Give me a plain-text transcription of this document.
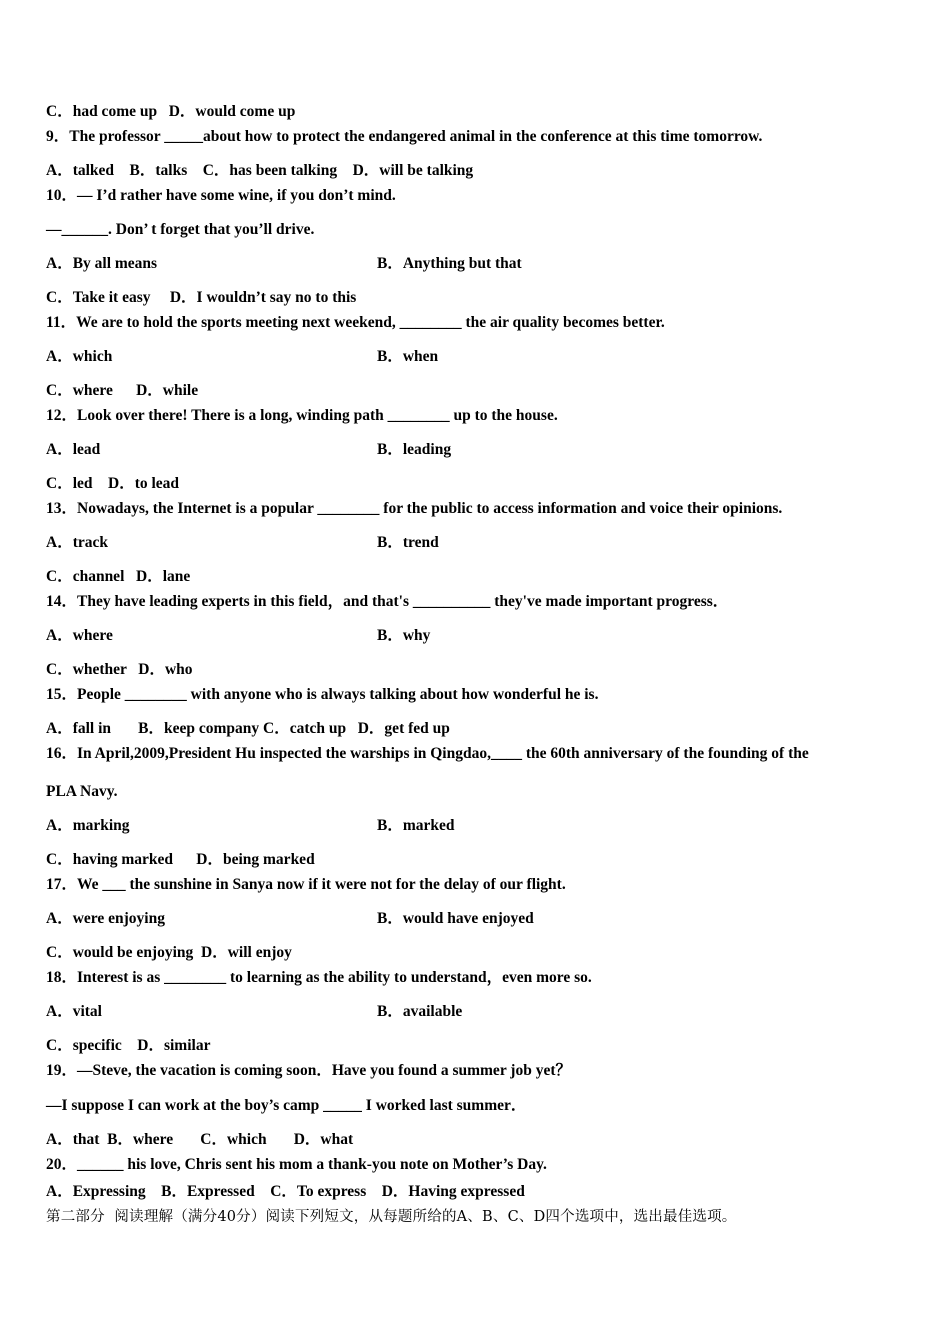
C．had come up   D．would come up
9．The professor _____about how to protect the endangered animal in the conference at this time tomorrow.
A．talked    B．talks    C．has been talking    D．will be talking
10．— I’d rather have some wine, if you don’t mind.
—______. Don’ t forget that you’ll drive.
A．By all means	B．Anything but that
C．Take it easy     D．I wouldn’t say no to this
11．We are to hold the sports meeting next weekend, ________ the air quality becomes better.
A．which	B．when
C．where      D．while
12．Look over there! There is a long, winding path ________ up to the house.
A．lead	B．leading
C．led    D．to lead
13．Nowadays, the Internet is a popular ________ for the public to access information and voice their opinions.
A．track	B．trend
C．channel   D．lane
14．They have leading experts in this field，and that's __________ they've made important progress．
A．where	B．why
C．whether   D．who
15．People ________ with anyone who is always talking about how wonderful he is.
A．fall in       B．keep company C．catch up   D．get fed up
16．In April,2009,President Hu inspected the warships in Qingdao,____ the 60th anniversary of the founding of the
PLA Navy.
A．marking	B．marked
C．having marked      D．being marked
17．We ___ the sunshine in Sanya now if it were not for the delay of our flight.
A．were enjoying	B．would have enjoyed
C．would be enjoying  D．will enjoy
18．Interest is as ________ to learning as the ability to understand，even more so.
A．vital	B．available
C．specific    D．similar
19．—Steve, the vacation is coming soon．Have you found a summer job yet？
—I suppose I can work at the boy’s camp _____ I worked last summer．
A．that  B．where       C．which       D．what
20．______ his love, Chris sent his mom a thank-you note on Mother’s Day.
A．Expressing    B．Expressed    C．To express    D．Having expressed
第二部分  阅读理解（满分40分）阅读下列短文，从每题所给的A、B、C、D四个选项中，选出最佳选项。
